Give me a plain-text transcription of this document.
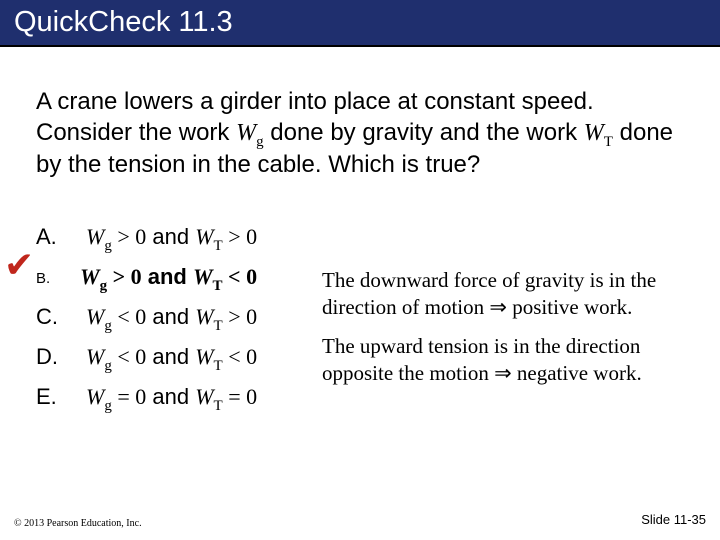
QuickCheck 11.3
A crane lowers a girder into place at constant speed. Consider the work $W_g$ done by gravity and the work $W_T$ done by the tension in the cable. Which is true?
A. $W_g > 0$ and $W_T > 0$
✔ B. $W_g > 0$ and $W_T < 0$
C. $W_g < 0$ and $W_T > 0$
D. $W_g < 0$ and $W_T < 0$
E. $W_g = 0$ and $W_T = 0$
The downward force of gravity is in the direction of motion ⇒ positive work.
The upward tension is in the direction opposite the motion ⇒ negative work.
© 2013 Pearson Education, Inc.	Slide 11-35
